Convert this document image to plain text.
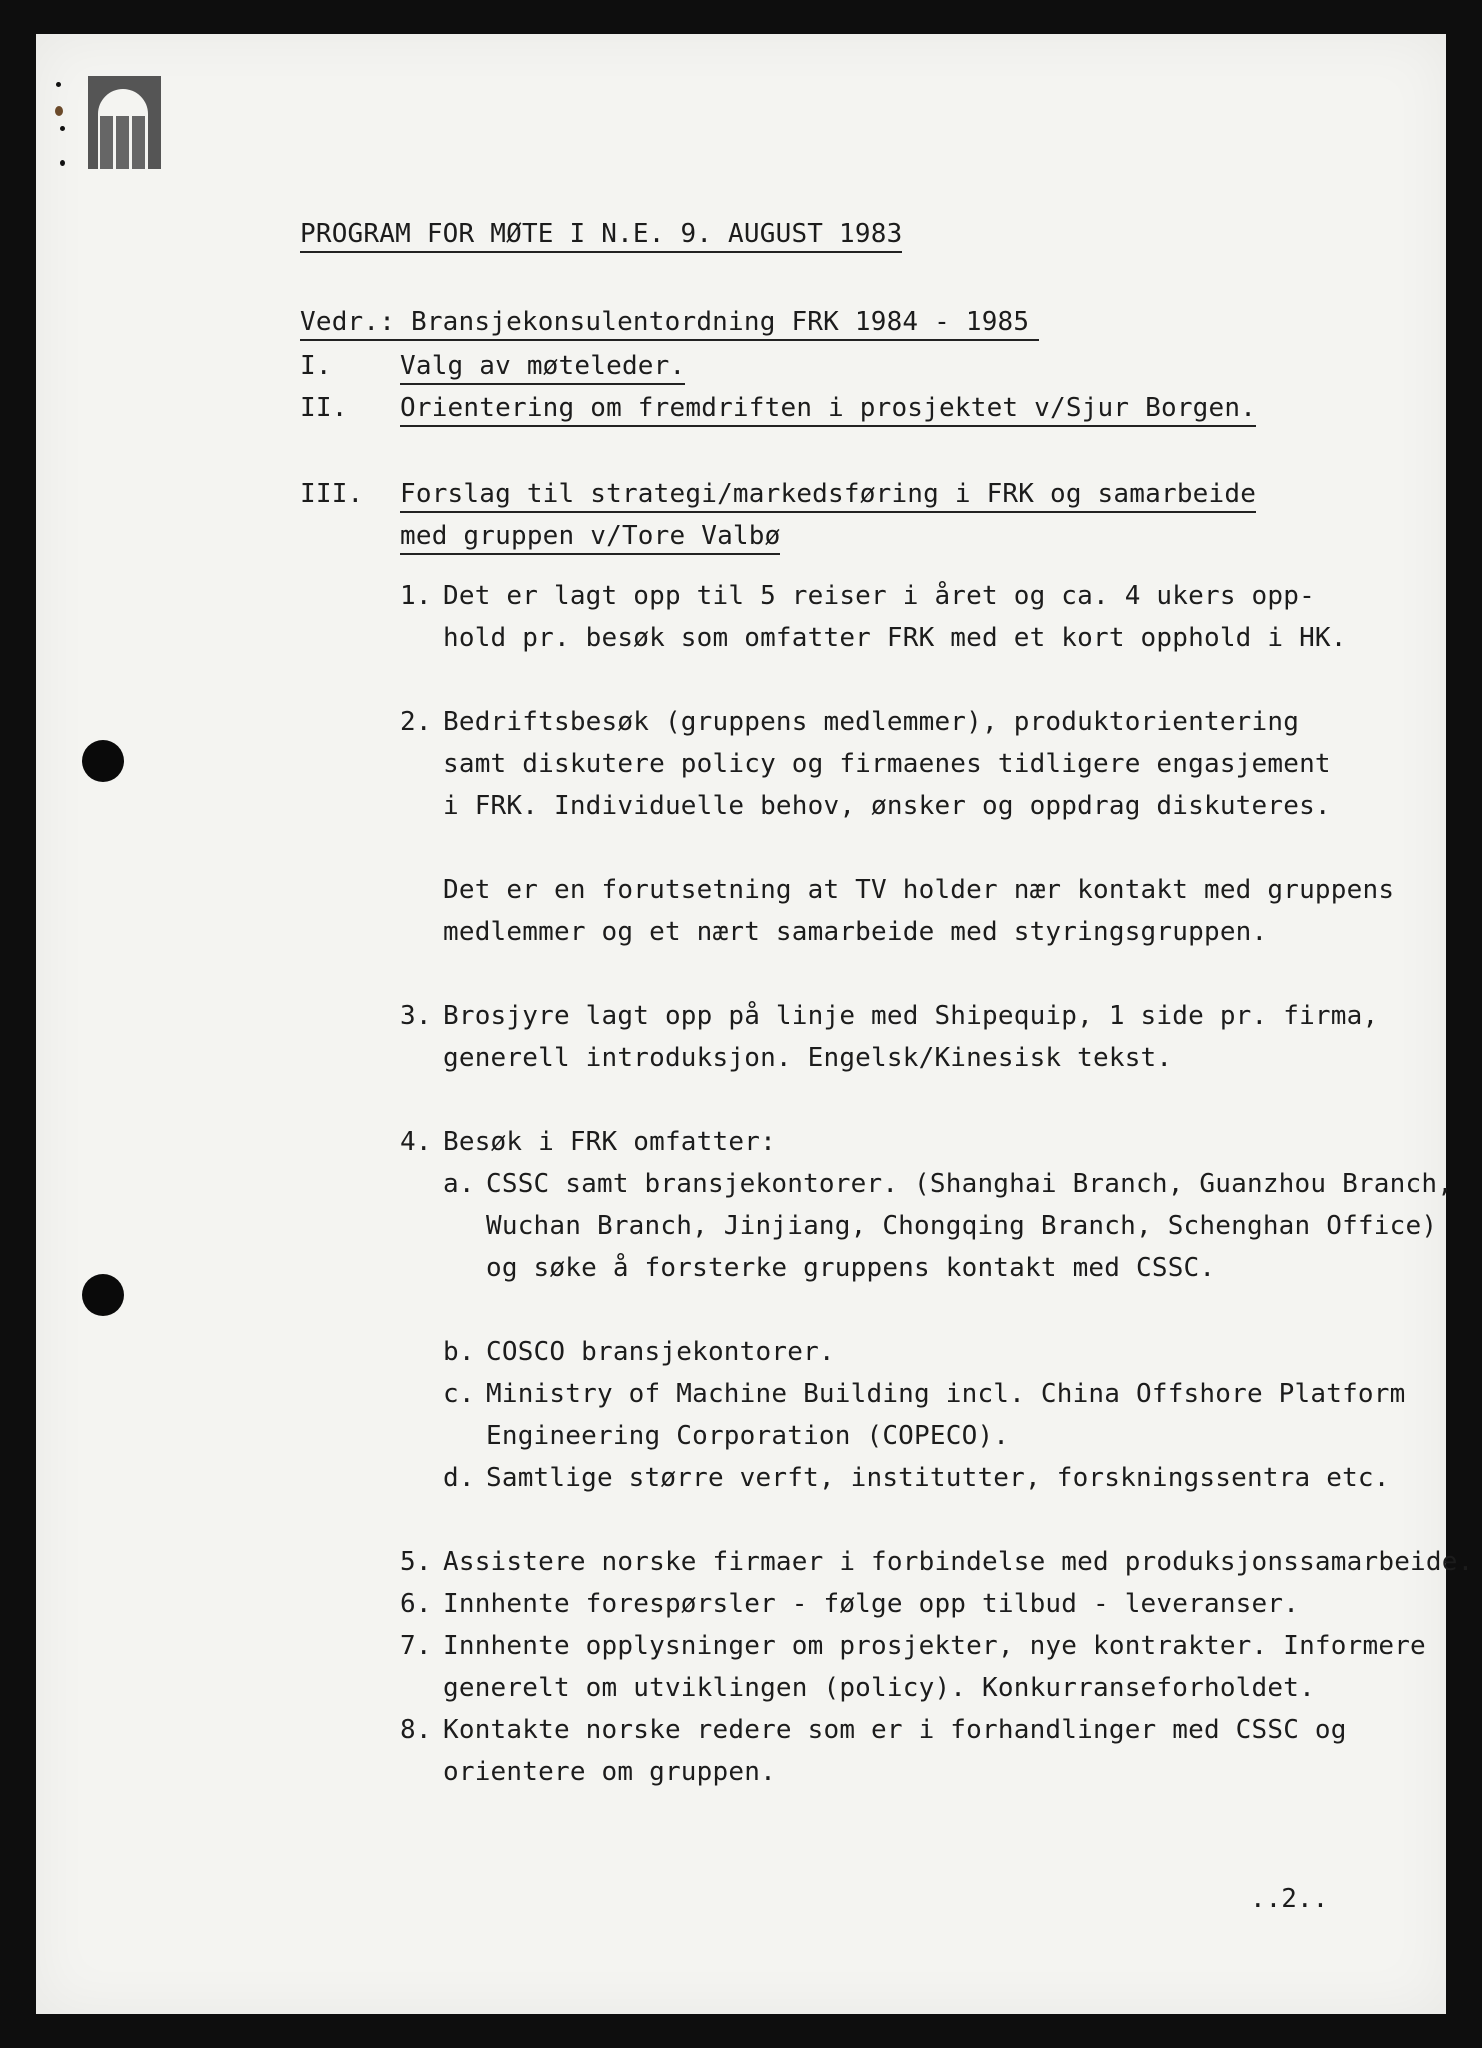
PROGRAM FOR MØTE I N.E. 9. AUGUST 1983
Vedr.: Bransjekonsulentordning FRK 1984 - 1985
I.	Valg av møteleder.
II. Orientering om fremdriften i prosjektet v/Sjur Borgen.
III. Forslag til strategi/markedsføring i FRK og samarbeide
med gruppen v/Tore Valbø
1. Det er lagt opp til 5 reiser i året og ca. 4 ukers opp-
hold pr. besøk som omfatter FRK med et kort opphold i HK.
2. Bedriftsbesøk (gruppens medlemmer), produktorientering
samt diskutere policy og firmaenes tidligere engasjement
i FRK. Individuelle behov, ønsker og oppdrag diskuteres.
Det er en forutsetning at TV holder nær kontakt med gruppens
medlemmer og et nært samarbeide med styringsgruppen.
3. Brosjyre lagt opp på linje med Shipequip, 1 side pr. firma,
generell introduksjon. Engelsk/Kinesisk tekst.
4. Besøk i FRK omfatter:
a. CSSC samt bransjekontorer. (Shanghai Branch, Guanzhou Branch,
Wuchan Branch, Jinjiang, Chongqing Branch, Schenghan Office)
og søke å forsterke gruppens kontakt med CSSC.
b. COSCO bransjekontorer.
c. Ministry of Machine Building incl. China Offshore Platform
Engineering Corporation (COPECO).
d. Samtlige større verft, institutter, forskningssentra etc.
5. Assistere norske firmaer i forbindelse med produksjonssamarbeide.
6. Innhente forespørsler - følge opp tilbud - leveranser.
7. Innhente opplysninger om prosjekter, nye kontrakter. Informere
generelt om utviklingen (policy). Konkurranseforholdet.
8. Kontakte norske redere som er i forhandlinger med CSSC og
orientere om gruppen.
..2..
